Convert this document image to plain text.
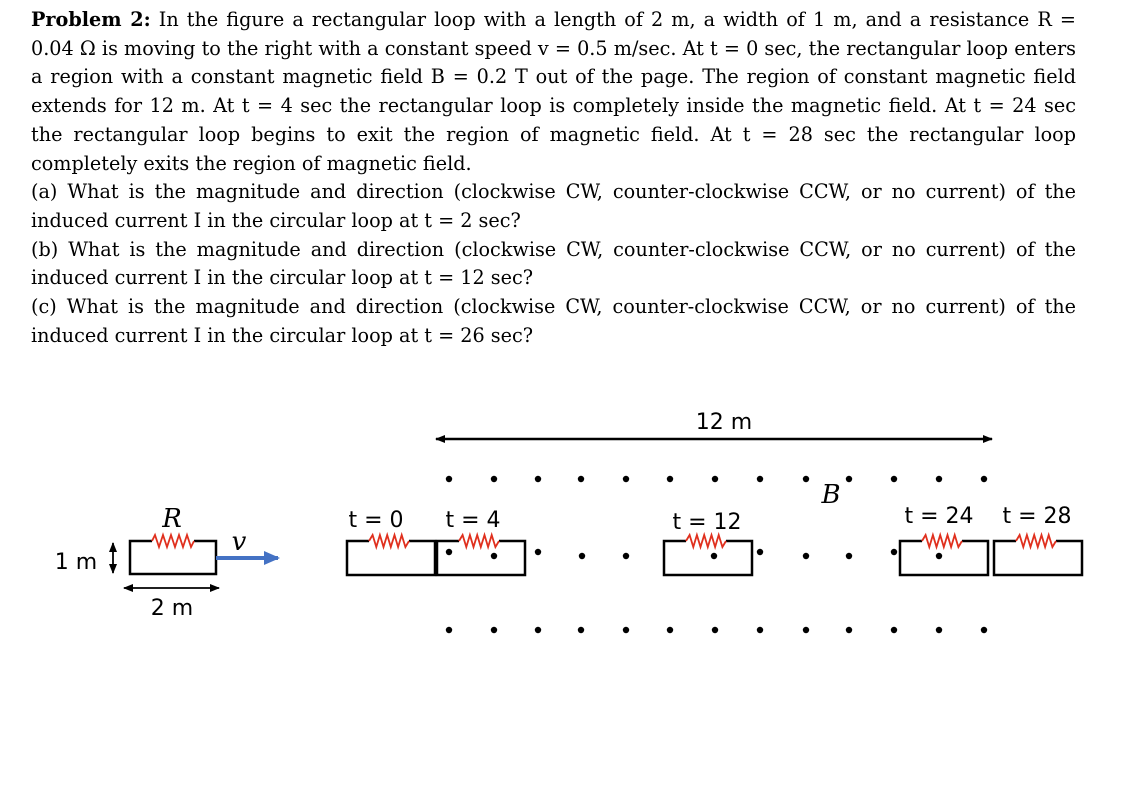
Problem 2: In the figure a rectangular loop with a length of 2 m, a width of 1 m, and a resistance R = 0.04 Ω is moving to the right with a constant speed v = 0.5 m/sec. At t = 0 sec, the rectangular loop enters a region with a constant magnetic field B = 0.2 T out of the page. The region of constant magnetic field extends for 12 m. At t = 4 sec the rectangular loop is completely inside the magnetic field. At t = 24 sec the rectangular loop begins to exit the region of magnetic field. At t = 28 sec the rectangular loop completely exits the region of magnetic field.

(a) What is the magnitude and direction (clockwise CW, counter-clockwise CCW, or no current) of the induced current I in the circular loop at t = 2 sec?

(b) What is the magnitude and direction (clockwise CW, counter-clockwise CCW, or no current) of the induced current I in the circular loop at t = 12 sec?

(c) What is the magnitude and direction (clockwise CW, counter-clockwise CCW, or no current) of the induced current I in the circular loop at t = 26 sec?

12 m
B
R
v
1 m
2 m
t = 0 t = 4	t = 12	t = 24 t = 28
